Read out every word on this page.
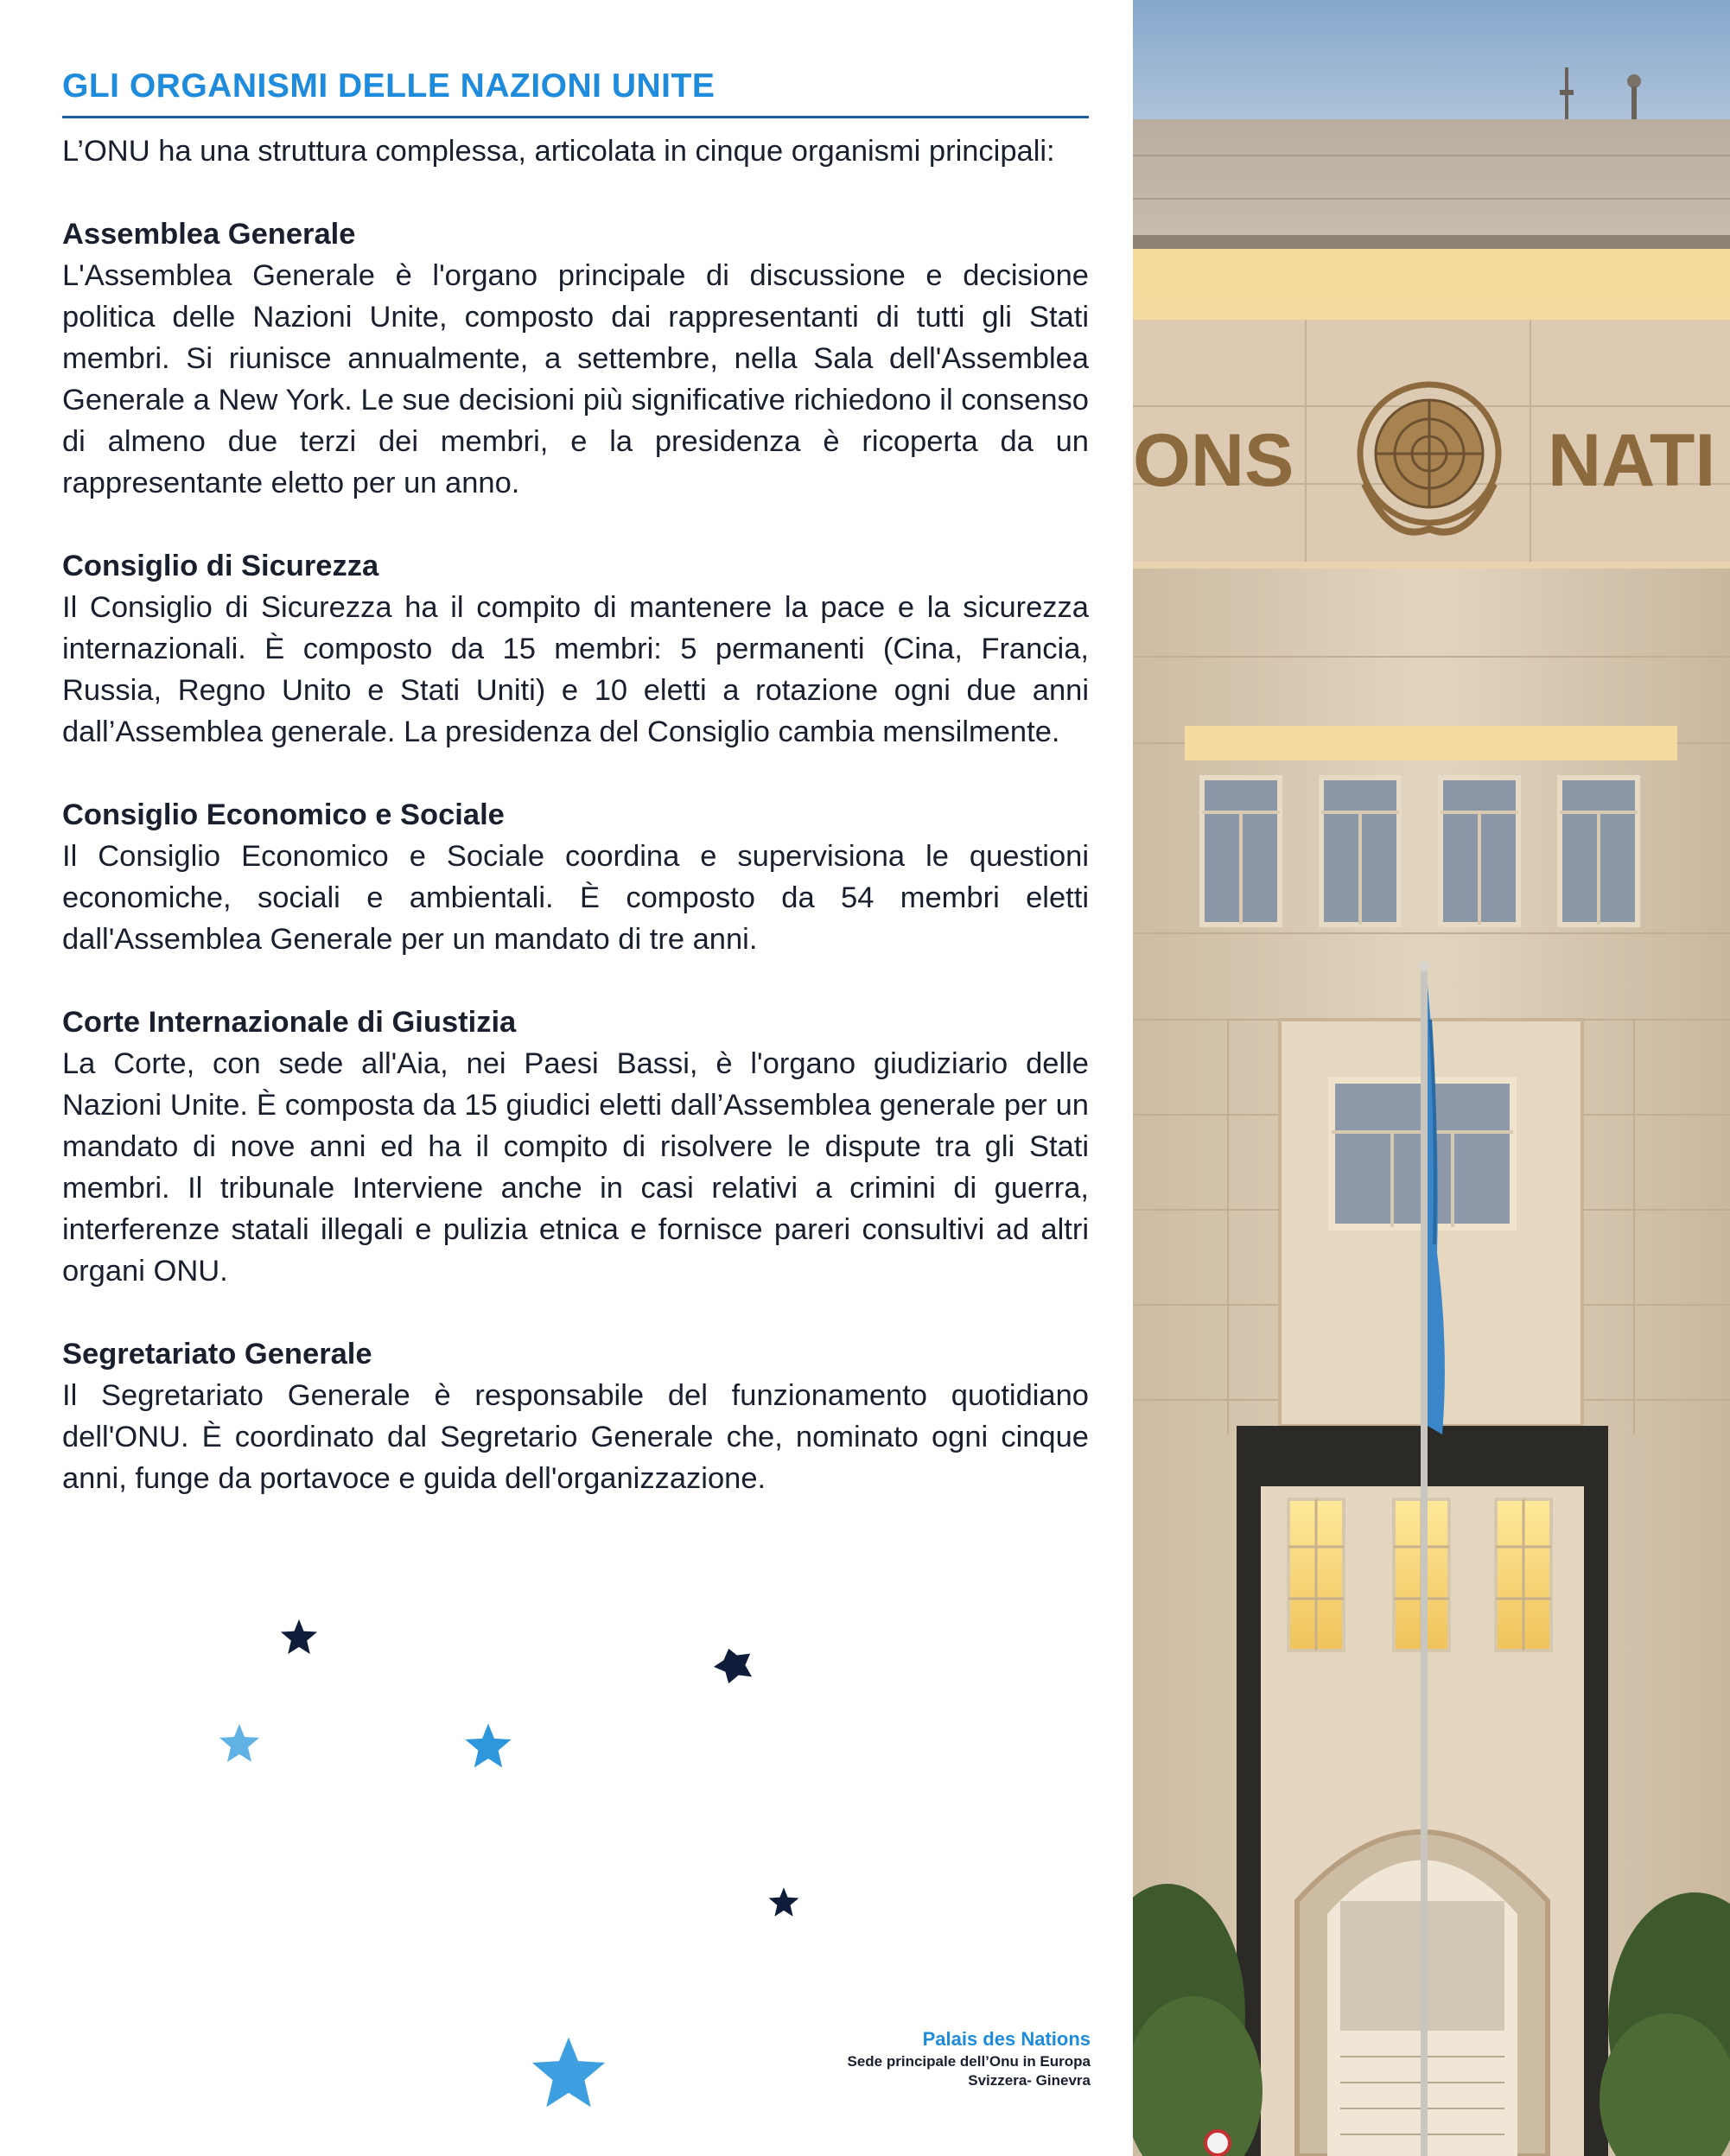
GLI ORGANISMI DELLE NAZIONI UNITE

L’ONU ha una struttura complessa, articolata in cinque organismi principali:

Assemblea Generale

L'Assemblea Generale è l'organo principale di discussione e decisione politica delle Nazioni Unite, composto dai rappresentanti di tutti gli Stati membri. Si riunisce annualmente, a settembre, nella Sala dell'Assemblea Generale a New York. Le sue decisioni più significative richiedono il consenso di almeno due terzi dei membri, e la presidenza è ricoperta da un rappresentante eletto per un anno.

Consiglio di Sicurezza

Il Consiglio di Sicurezza ha il compito di mantenere la pace e la sicurezza internazionali. È composto da 15 membri: 5 permanenti (Cina, Francia, Russia, Regno Unito e Stati Uniti) e 10 eletti a rotazione ogni due anni dall’Assemblea generale. La presidenza del Consiglio cambia mensilmente.

Consiglio Economico e Sociale

Il Consiglio Economico e Sociale coordina e supervisiona le questioni economiche, sociali e ambientali. È composto da 54 membri eletti dall'Assemblea Generale per un mandato di tre anni.

Corte Internazionale di Giustizia

La Corte, con sede all'Aia, nei Paesi Bassi, è l'organo giudiziario delle Nazioni Unite. È composta da 15 giudici eletti dall’Assemblea generale per un mandato di nove anni ed ha il compito di risolvere le dispute tra gli Stati membri. Il tribunale Interviene anche in casi relativi a crimini di guerra, interferenze statali illegali e pulizia etnica e fornisce pareri consultivi ad altri organi ONU.

Segretariato Generale

Il Segretariato Generale è responsabile del funzionamento quotidiano dell'ONU. È coordinato dal Segretario Generale che, nominato ogni cinque anni, funge da portavoce e guida dell'organizzazione.

Palais des Nations
Sede principale dell’Onu in Europa
Svizzera- Ginevra
ONS	NATI
